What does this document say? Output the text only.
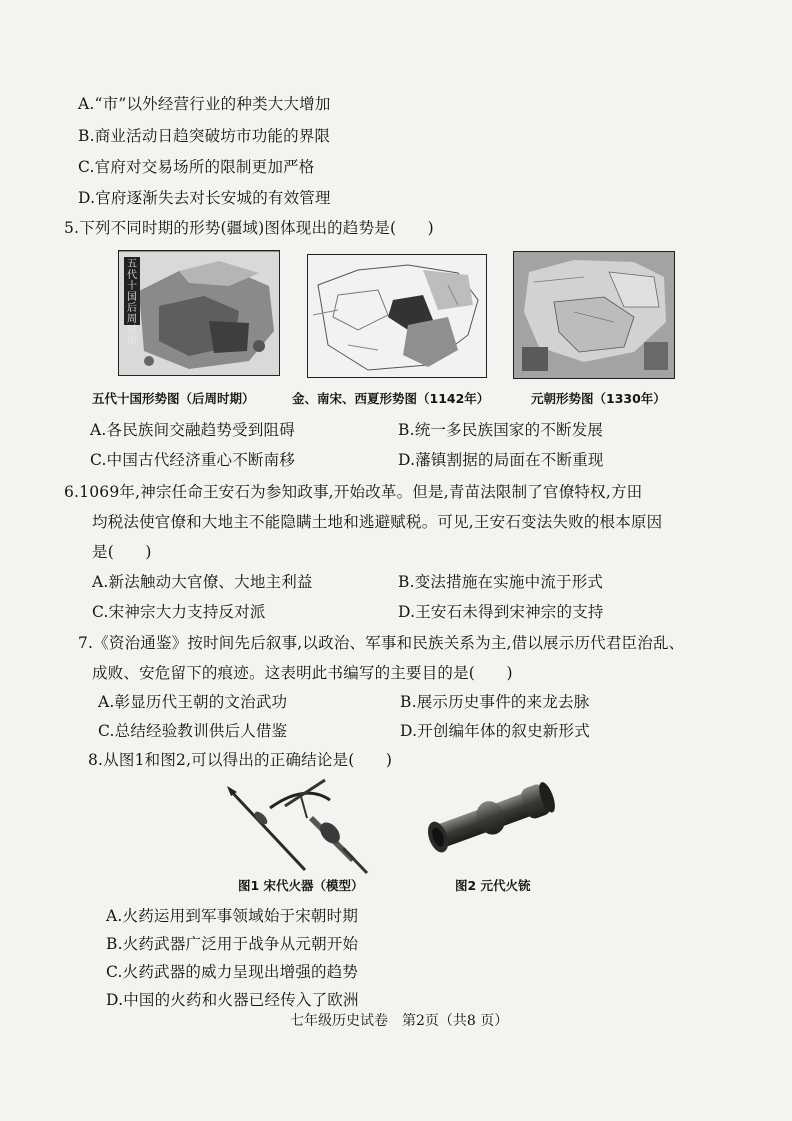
A.“市”以外经营行业的种类大大增加
B.商业活动日趋突破坊市功能的界限
C.官府对交易场所的限制更加严格
D.官府逐渐失去对长安城的有效管理
5.下列不同时期的形势(疆域)图体现出的趋势是(　　)
五代十国后周时期
五代十国形势图（后周时期）	金、南宋、西夏形势图（1142年）	元朝形势图（1330年）
A.各民族间交融趋势受到阻碍	B.统一多民族国家的不断发展
C.中国古代经济重心不断南移	D.藩镇割据的局面在不断重现
6.1069年,神宗任命王安石为参知政事,开始改革。但是,青苗法限制了官僚特权,方田
均税法使官僚和大地主不能隐瞒土地和逃避赋税。可见,王安石变法失败的根本原因
是(　　)
A.新法触动大官僚、大地主利益	B.变法措施在实施中流于形式
C.宋神宗大力支持反对派	D.王安石未得到宋神宗的支持
7.《资治通鉴》按时间先后叙事,以政治、军事和民族关系为主,借以展示历代君臣治乱、
成败、安危留下的痕迹。这表明此书编写的主要目的是(　　)
A.彰显历代王朝的文治武功	B.展示历史事件的来龙去脉
C.总结经验教训供后人借鉴	D.开创编年体的叙史新形式
8.从图1和图2,可以得出的正确结论是(　　)
图1 宋代火器（模型）	图2 元代火铳
A.火药运用到军事领域始于宋朝时期
B.火药武器广泛用于战争从元朝开始
C.火药武器的威力呈现出增强的趋势
D.中国的火药和火器已经传入了欧洲
七年级历史试卷　第2页（共8 页）
